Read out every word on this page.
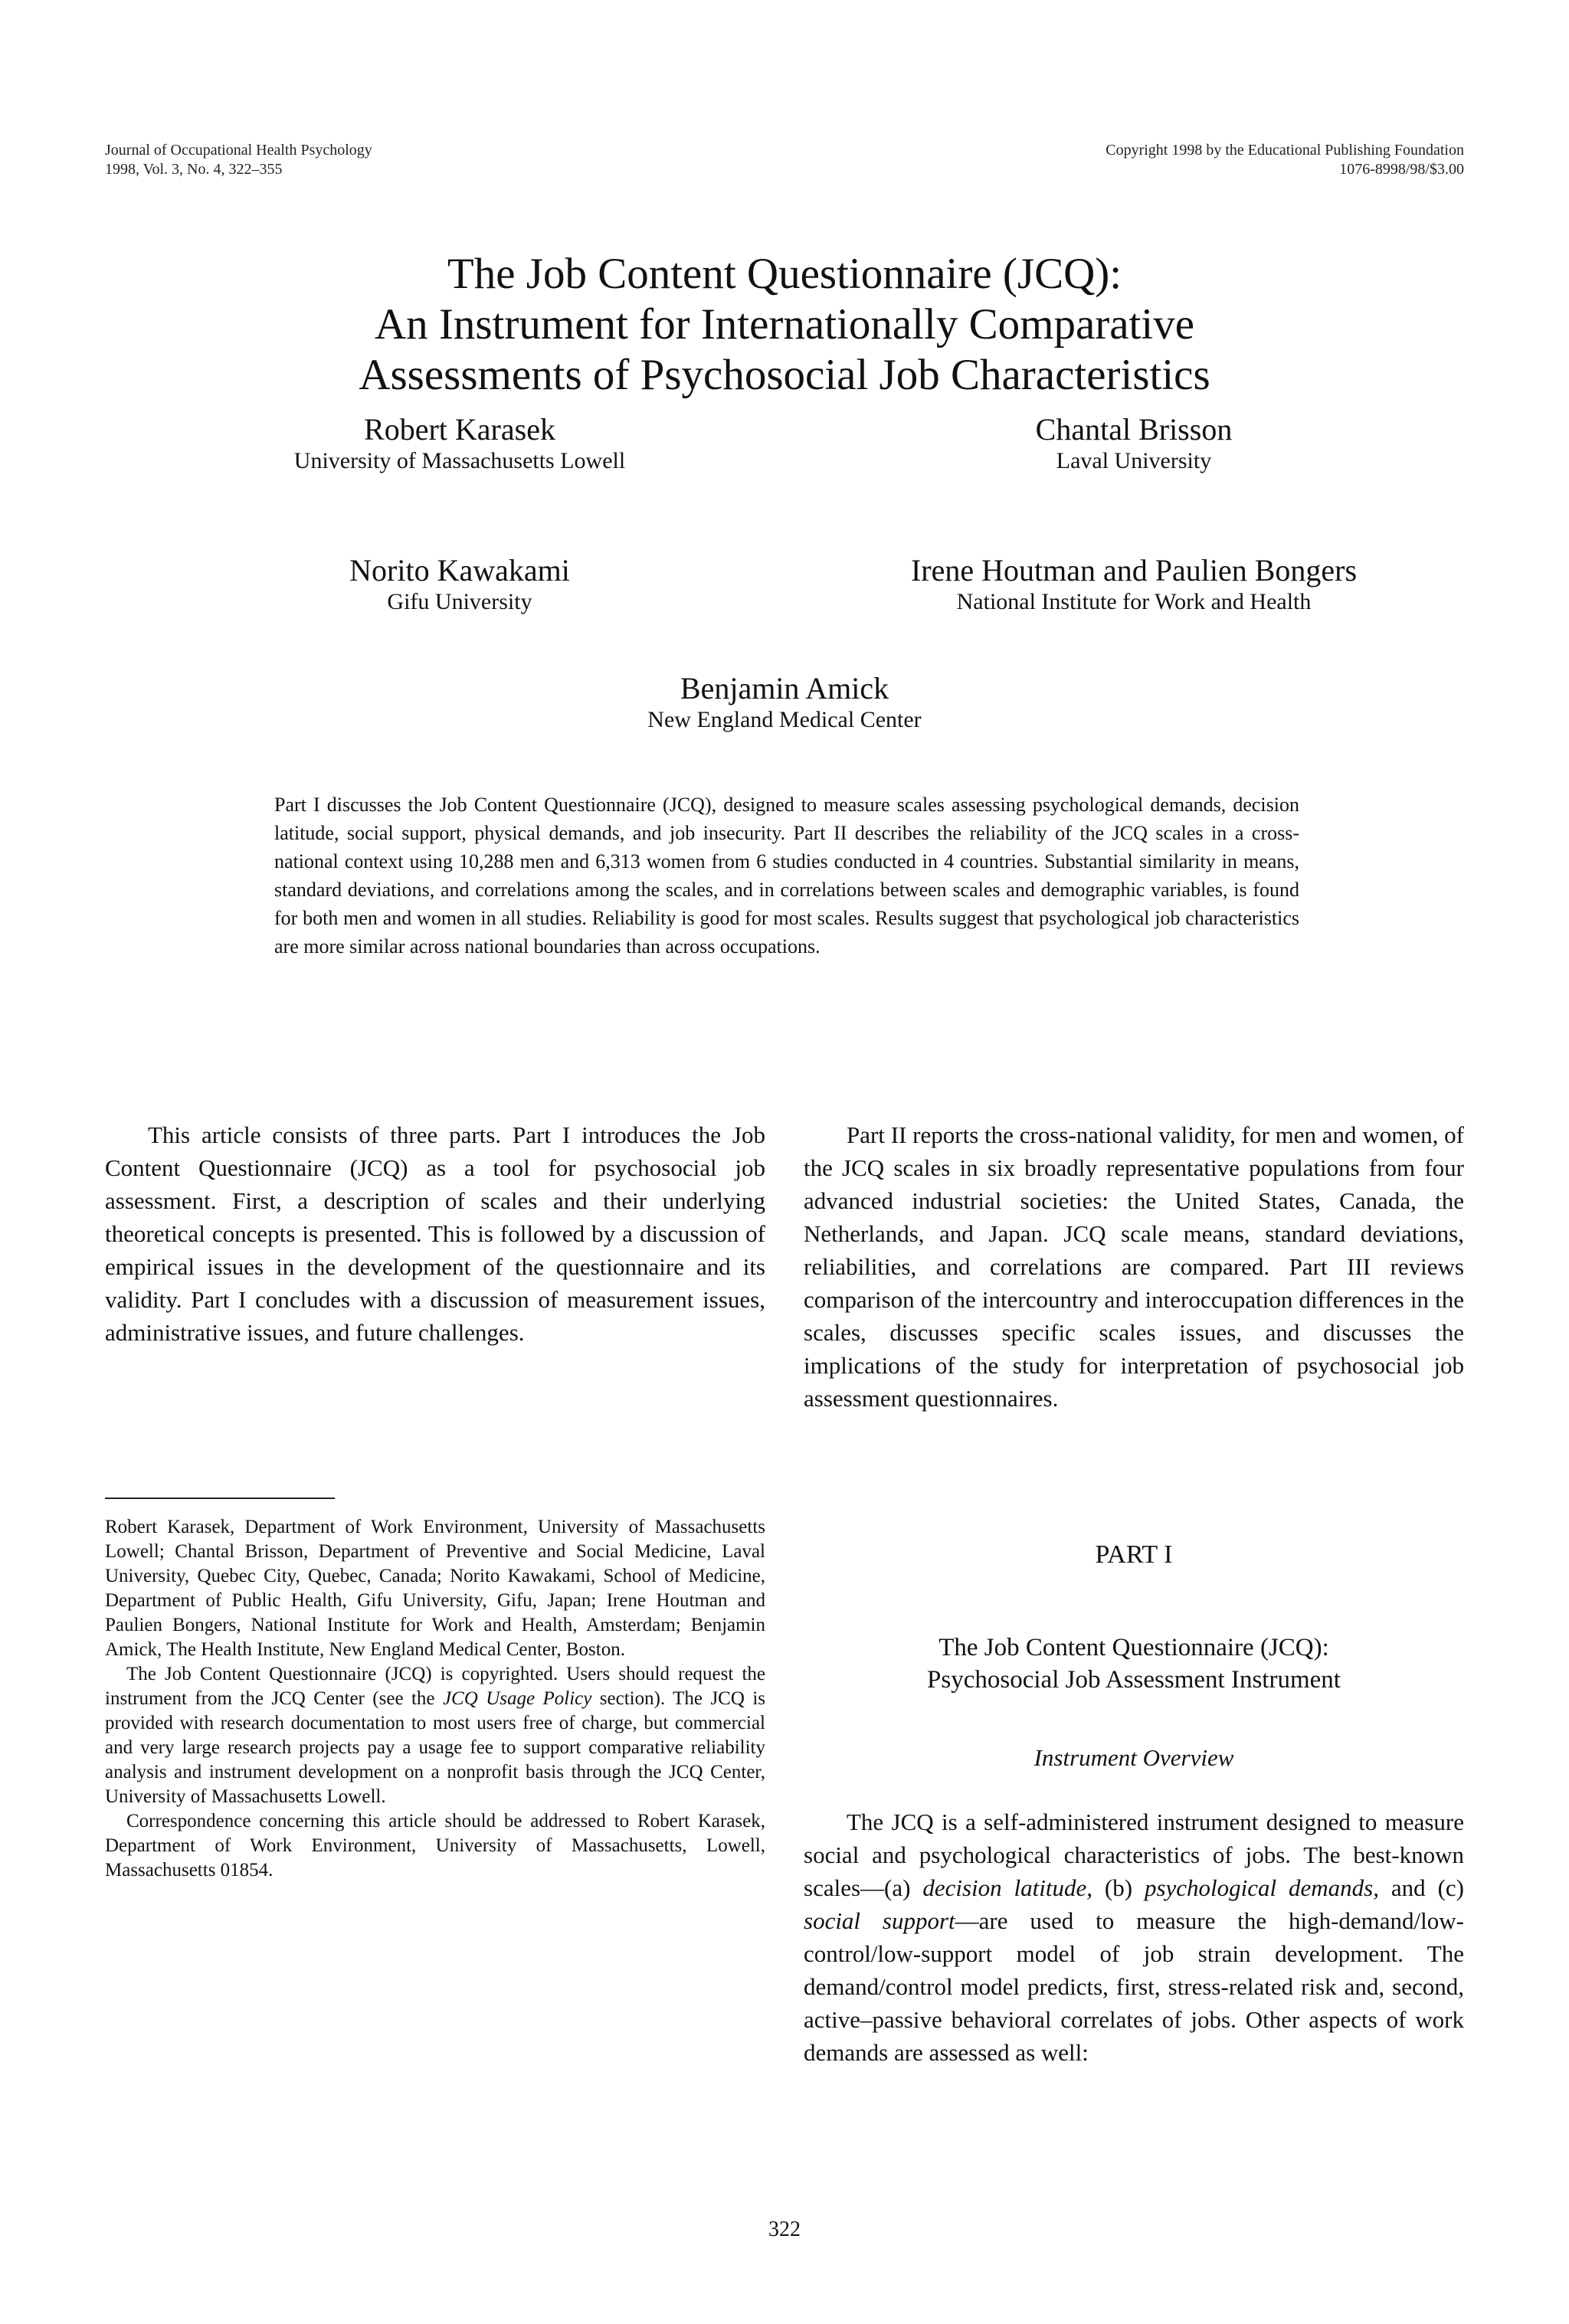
Journal of Occupational Health Psychology
1998, Vol. 3, No. 4, 322–355
Copyright 1998 by the Educational Publishing Foundation
1076-8998/98/$3.00
The Job Content Questionnaire (JCQ):
An Instrument for Internationally Comparative
Assessments of Psychosocial Job Characteristics
Robert Karasek
University of Massachusetts Lowell
Chantal Brisson
Laval University
Norito Kawakami
Gifu University
Irene Houtman and Paulien Bongers
National Institute for Work and Health
Benjamin Amick
New England Medical Center
Part I discusses the Job Content Questionnaire (JCQ), designed to measure scales assessing psychological demands, decision latitude, social support, physical demands, and job insecurity. Part II describes the reliability of the JCQ scales in a cross-national context using 10,288 men and 6,313 women from 6 studies conducted in 4 countries. Substantial similarity in means, standard deviations, and correlations among the scales, and in correlations between scales and demographic variables, is found for both men and women in all studies. Reliability is good for most scales. Results suggest that psychological job characteristics are more similar across national boundaries than across occupations.

This article consists of three parts. Part I introduces the Job Content Questionnaire (JCQ) as a tool for psychosocial job assessment. First, a description of scales and their underlying theoretical concepts is presented. This is followed by a discussion of empirical issues in the development of the questionnaire and its validity. Part I concludes with a discussion of measurement issues, administrative issues, and future challenges.

Robert Karasek, Department of Work Environment, University of Massachusetts Lowell; Chantal Brisson, Department of Preventive and Social Medicine, Laval University, Quebec City, Quebec, Canada; Norito Kawakami, School of Medicine, Department of Public Health, Gifu University, Gifu, Japan; Irene Houtman and Paulien Bongers, National Institute for Work and Health, Amsterdam; Benjamin Amick, The Health Institute, New England Medical Center, Boston.

The Job Content Questionnaire (JCQ) is copyrighted. Users should request the instrument from the JCQ Center (see the JCQ Usage Policy section). The JCQ is provided with research documentation to most users free of charge, but commercial and very large research projects pay a usage fee to support comparative reliability analysis and instrument development on a nonprofit basis through the JCQ Center, University of Massachusetts Lowell.

Correspondence concerning this article should be addressed to Robert Karasek, Department of Work Environment, University of Massachusetts, Lowell, Massachusetts 01854.

Part II reports the cross-national validity, for men and women, of the JCQ scales in six broadly representative populations from four advanced industrial societies: the United States, Canada, the Netherlands, and Japan. JCQ scale means, standard deviations, reliabilities, and correlations are compared. Part III reviews comparison of the intercountry and interoccupation differences in the scales, discusses specific scales issues, and discusses the implications of the study for interpretation of psychosocial job assessment questionnaires.

PART I
The Job Content Questionnaire (JCQ):
Psychosocial Job Assessment Instrument
Instrument Overview

The JCQ is a self-administered instrument designed to measure social and psychological characteristics of jobs. The best-known scales—(a) decision latitude, (b) psychological demands, and (c) social support—are used to measure the high-demand/low-control/low-support model of job strain development. The demand/control model predicts, first, stress-related risk and, second, active–passive behavioral correlates of jobs. Other aspects of work demands are assessed as well:

322
